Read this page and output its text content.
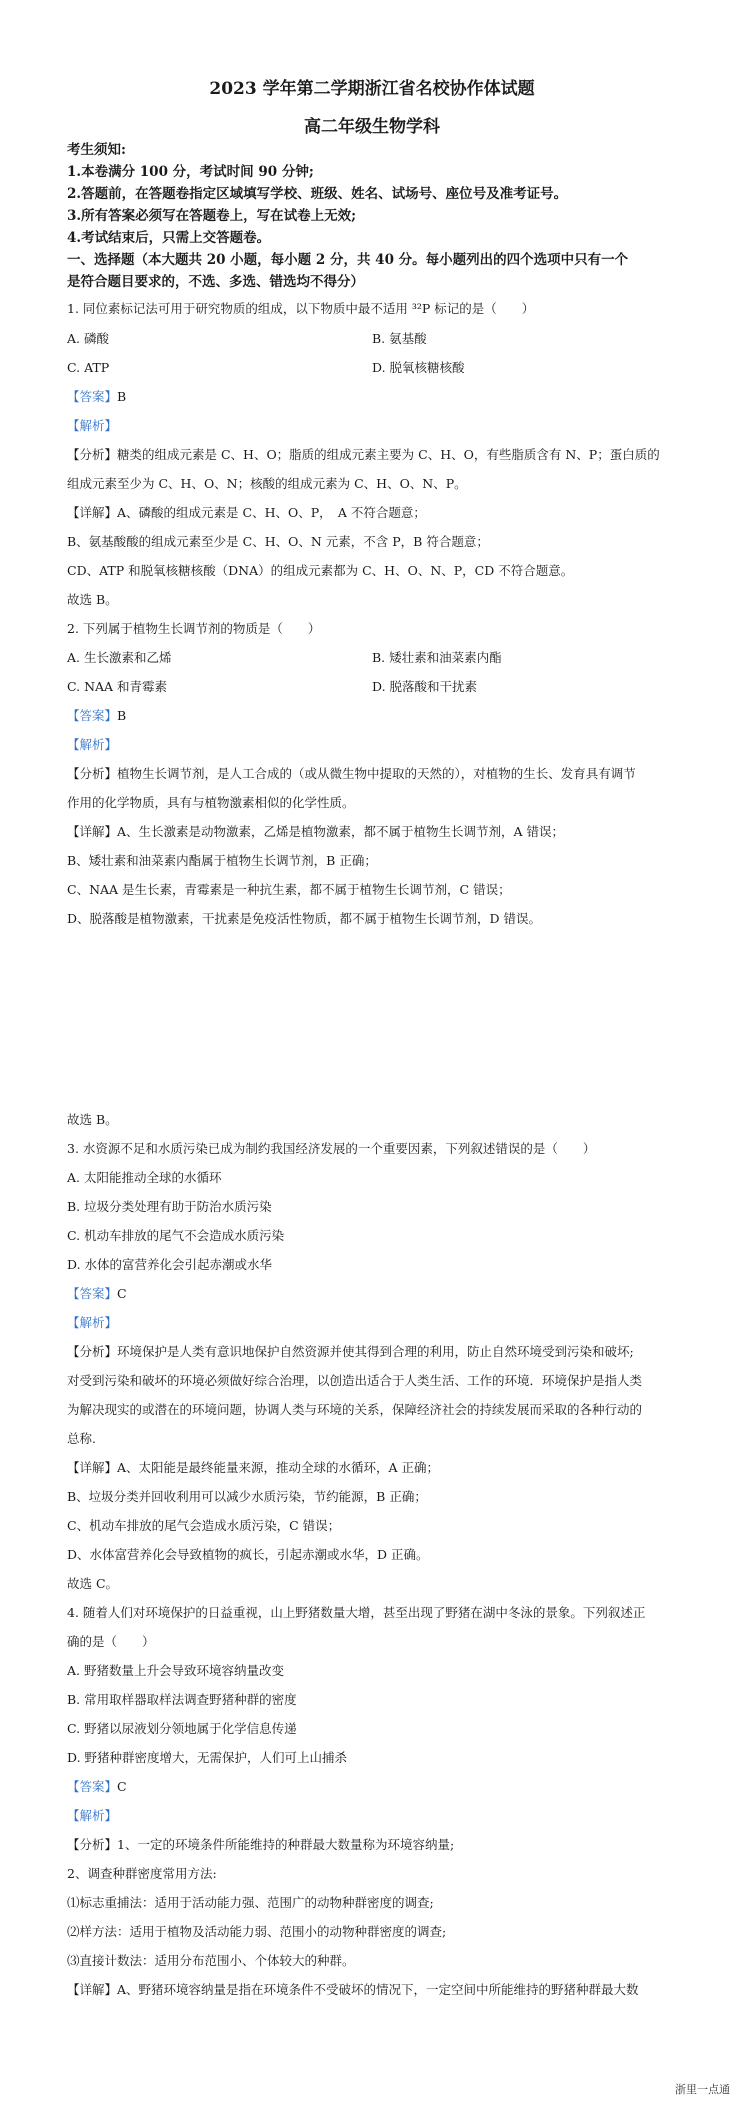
2023 学年第二学期浙江省名校协作体试题
高二年级生物学科
考生须知:
1.本卷满分 100 分，考试时间 90 分钟;
2.答题前，在答题卷指定区域填写学校、班级、姓名、试场号、座位号及准考证号。
3.所有答案必须写在答题卷上，写在试卷上无效;
4.考试结束后，只需上交答题卷。
一、选择题（本大题共 20 小题，每小题 2 分，共 40 分。每小题列出的四个选项中只有一个
是符合题目要求的，不选、多选、错选均不得分）
1. 同位素标记法可用于研究物质的组成，以下物质中最不适用 ³²P 标记的是（　　）
A. 磷酸	B. 氨基酸
C. ATP	D. 脱氧核糖核酸
【答案】B
【解析】
【分析】糖类的组成元素是 C、H、O；脂质的组成元素主要为 C、H、O，有些脂质含有 N、P；蛋白质的
组成元素至少为 C、H、O、N；核酸的组成元素为 C、H、O、N、P。
【详解】A、磷酸的组成元素是 C、H、O、P，　A 不符合题意；
B、氨基酸酸的组成元素至少是 C、H、O、N 元素，不含 P，B 符合题意；
CD、ATP 和脱氧核糖核酸（DNA）的组成元素都为 C、H、O、N、P，CD 不符合题意。
故选 B。
2. 下列属于植物生长调节剂的物质是（　　）
A. 生长激素和乙烯	B. 矮壮素和油菜素内酯
C. NAA 和青霉素	D. 脱落酸和干扰素
【答案】B
【解析】
【分析】植物生长调节剂，是人工合成的（或从微生物中提取的天然的），对植物的生长、发育具有调节
作用的化学物质，具有与植物激素相似的化学性质。
【详解】A、生长激素是动物激素，乙烯是植物激素，都不属于植物生长调节剂，A 错误；
B、矮壮素和油菜素内酯属于植物生长调节剂，B 正确；
C、NAA 是生长素，青霉素是一种抗生素，都不属于植物生长调节剂，C 错误；
D、脱落酸是植物激素，干扰素是免疫活性物质，都不属于植物生长调节剂，D 错误。
故选 B。
3. 水资源不足和水质污染已成为制约我国经济发展的一个重要因素，下列叙述错误的是（　　）
A. 太阳能推动全球的水循环
B. 垃圾分类处理有助于防治水质污染
C. 机动车排放的尾气不会造成水质污染
D. 水体的富营养化会引起赤潮或水华
【答案】C
【解析】
【分析】环境保护是人类有意识地保护自然资源并使其得到合理的利用，防止自然环境受到污染和破坏;
对受到污染和破坏的环境必须做好综合治理，以创造出适合于人类生活、工作的环境．环境保护是指人类
为解决现实的或潜在的环境问题，协调人类与环境的关系，保障经济社会的持续发展而采取的各种行动的
总称.
【详解】A、太阳能是最终能量来源，推动全球的水循环，A 正确；
B、垃圾分类并回收利用可以减少水质污染，节约能源，B 正确；
C、机动车排放的尾气会造成水质污染，C 错误；
D、水体富营养化会导致植物的疯长，引起赤潮或水华，D 正确。
故选 C。
4. 随着人们对环境保护的日益重视，山上野猪数量大增，甚至出现了野猪在湖中冬泳的景象。下列叙述正
确的是（　　）
A. 野猪数量上升会导致环境容纳量改变
B. 常用取样器取样法调查野猪种群的密度
C. 野猪以尿液划分领地属于化学信息传递
D. 野猪种群密度增大，无需保护，人们可上山捕杀
【答案】C
【解析】
【分析】1、一定的环境条件所能维持的种群最大数量称为环境容纳量;
2、调查种群密度常用方法:
⑴标志重捕法：适用于活动能力强、范围广的动物种群密度的调查;
⑵样方法：适用于植物及活动能力弱、范围小的动物种群密度的调查;
⑶直接计数法：适用分布范围小、个体较大的种群。
【详解】A、野猪环境容纳量是指在环境条件不受破坏的情况下，一定空间中所能维持的野猪种群最大数
浙里一点通
